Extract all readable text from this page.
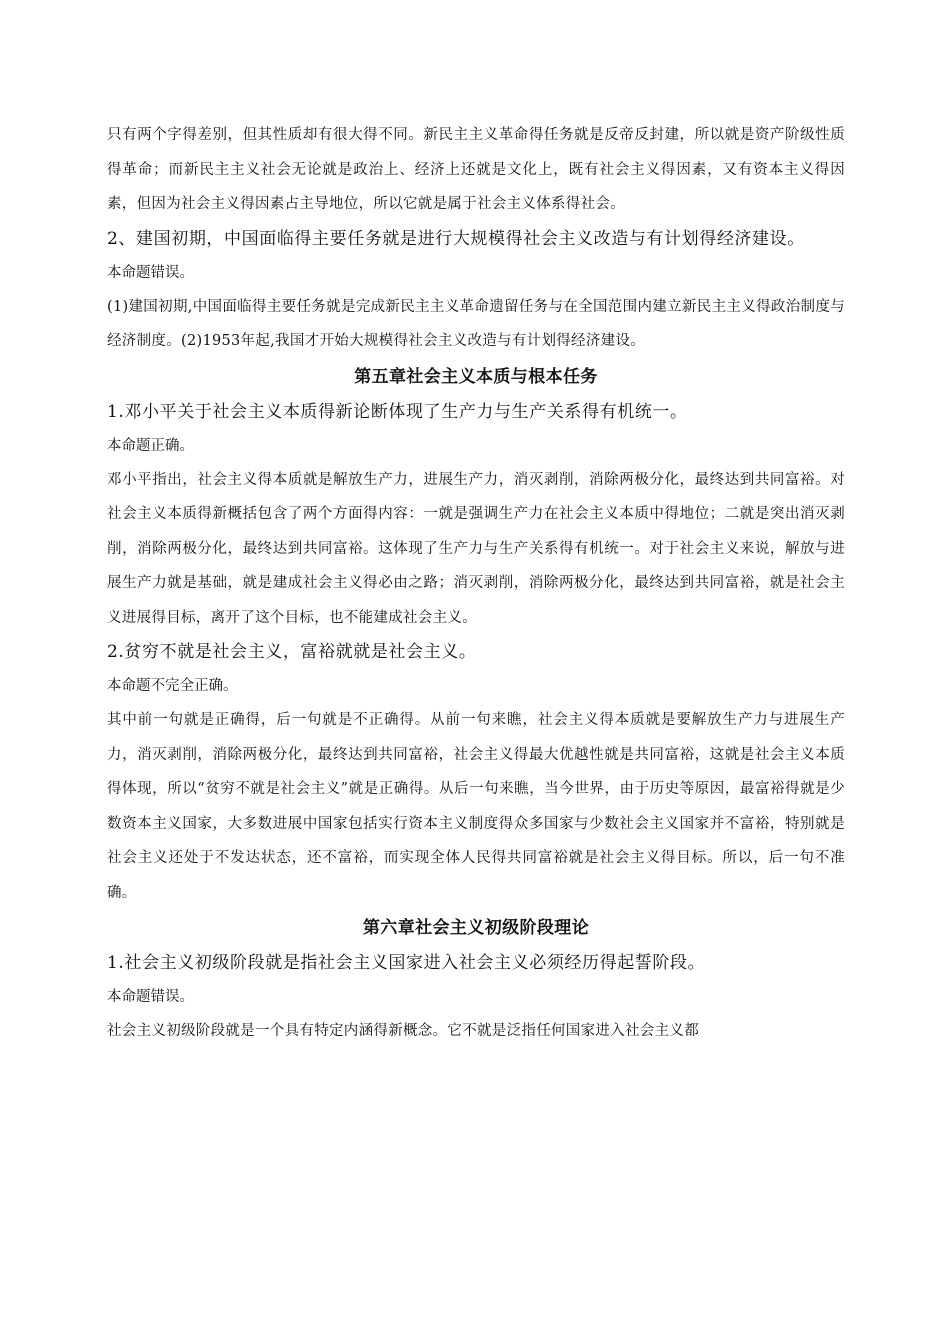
只有两个字得差别，但其性质却有很大得不同。新民主主义革命得任务就是反帝反封建，所以就是资产阶级性质得革命；而新民主主义社会无论就是政治上、经济上还就是文化上，既有社会主义得因素，又有资本主义得因素，但因为社会主义得因素占主导地位，所以它就是属于社会主义体系得社会。

2、建国初期，中国面临得主要任务就是进行大规模得社会主义改造与有计划得经济建设。

本命题错误。

(1)建国初期,中国面临得主要任务就是完成新民主主义革命遗留任务与在全国范围内建立新民主主义得政治制度与经济制度。(2)1953年起,我国才开始大规模得社会主义改造与有计划得经济建设。

第五章社会主义本质与根本任务

1.邓小平关于社会主义本质得新论断体现了生产力与生产关系得有机统一。

本命题正确。

邓小平指出，社会主义得本质就是解放生产力，进展生产力，消灭剥削，消除两极分化，最终达到共同富裕。对社会主义本质得新概括包含了两个方面得内容：一就是强调生产力在社会主义本质中得地位；二就是突出消灭剥削，消除两极分化，最终达到共同富裕。这体现了生产力与生产关系得有机统一。对于社会主义来说，解放与进展生产力就是基础，就是建成社会主义得必由之路；消灭剥削，消除两极分化，最终达到共同富裕，就是社会主义进展得目标，离开了这个目标，也不能建成社会主义。

2.贫穷不就是社会主义，富裕就就是社会主义。

本命题不完全正确。

其中前一句就是正确得，后一句就是不正确得。从前一句来瞧，社会主义得本质就是要解放生产力与进展生产力，消灭剥削，消除两极分化，最终达到共同富裕，社会主义得最大优越性就是共同富裕，这就是社会主义本质得体现，所以“贫穷不就是社会主义”就是正确得。从后一句来瞧，当今世界，由于历史等原因，最富裕得就是少数资本主义国家，大多数进展中国家包括实行资本主义制度得众多国家与少数社会主义国家并不富裕，特别就是社会主义还处于不发达状态，还不富裕，而实现全体人民得共同富裕就是社会主义得目标。所以，后一句不准确。

第六章社会主义初级阶段理论

1.社会主义初级阶段就是指社会主义国家进入社会主义必须经历得起誓阶段。

本命题错误。

社会主义初级阶段就是一个具有特定内涵得新概念。它不就是泛指任何国家进入社会主义都
